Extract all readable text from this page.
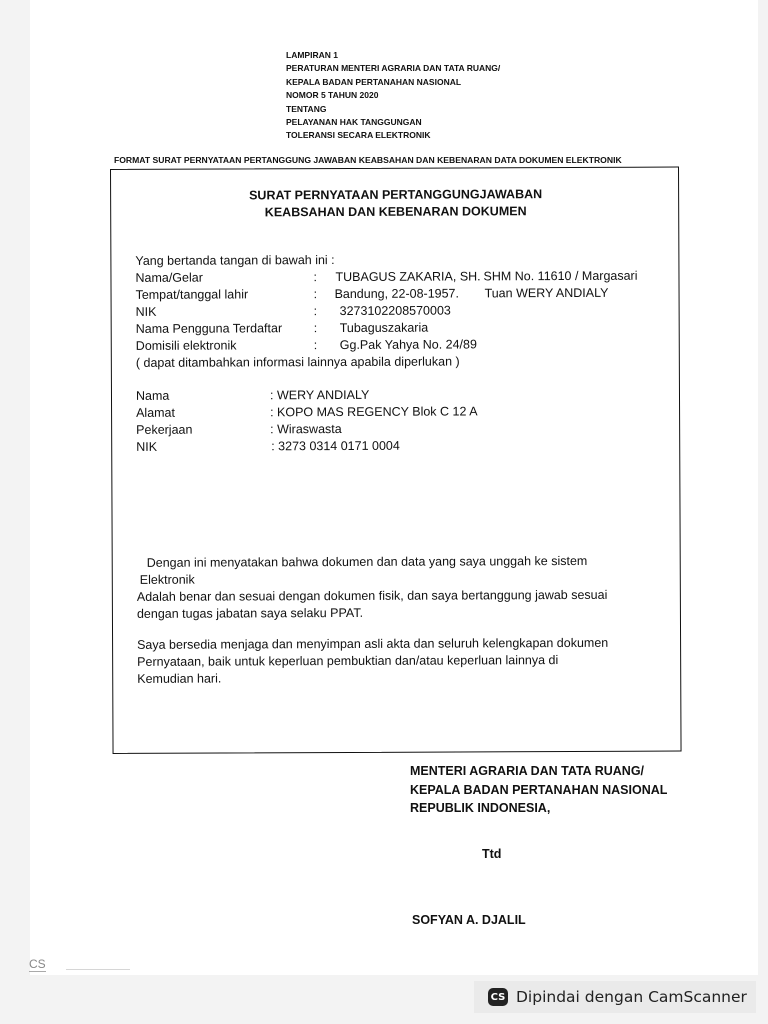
LAMPIRAN 1
PERATURAN MENTERI AGRARIA DAN TATA RUANG/
KEPALA BADAN PERTANAHAN NASIONAL
NOMOR 5 TAHUN 2020
TENTANG
PELAYANAN HAK TANGGUNGAN
TOLERANSI SECARA ELEKTRONIK
FORMAT SURAT PERNYATAAN PERTANGGUNG JAWABAN KEABSAHAN DAN KEBENARAN DATA DOKUMEN ELEKTRONIK
SURAT PERNYATAAN PERTANGGUNGJAWABAN
KEABSAHAN DAN KEBENARAN DOKUMEN
Yang bertanda tangan di bawah ini :
Nama/Gelar	: TUBAGUS ZAKARIA, SH. SHM No. 11610 / Margasari
Tempat/tanggal lahir	: Bandung, 22-08-1957. Tuan WERY ANDIALY
NIK	: 3273102208570003
Nama Pengguna Terdaftar	: Tubaguszakaria
Domisili elektronik	: Gg.Pak Yahya No. 24/89
( dapat ditambahkan informasi lainnya apabila diperlukan )
Nama	: WERY ANDIALY
Alamat	: KOPO MAS REGENCY Blok C 12 A
Pekerjaan	: Wiraswasta
NIK	: 3273 0314 0171 0004
Dengan ini menyatakan bahwa dokumen dan data yang saya unggah ke sistem
Elektronik
Adalah benar dan sesuai dengan dokumen fisik, dan saya bertanggung jawab sesuai
dengan tugas jabatan saya selaku PPAT.
Saya bersedia menjaga dan menyimpan asli akta dan seluruh kelengkapan dokumen
Pernyataan, baik untuk keperluan pembuktian dan/atau keperluan lainnya di
Kemudian hari.
MENTERI AGRARIA DAN TATA RUANG/
KEPALA BADAN PERTANAHAN NASIONAL
REPUBLIK INDONESIA,
Ttd
SOFYAN A. DJALIL
CS
CS Dipindai dengan CamScanner
